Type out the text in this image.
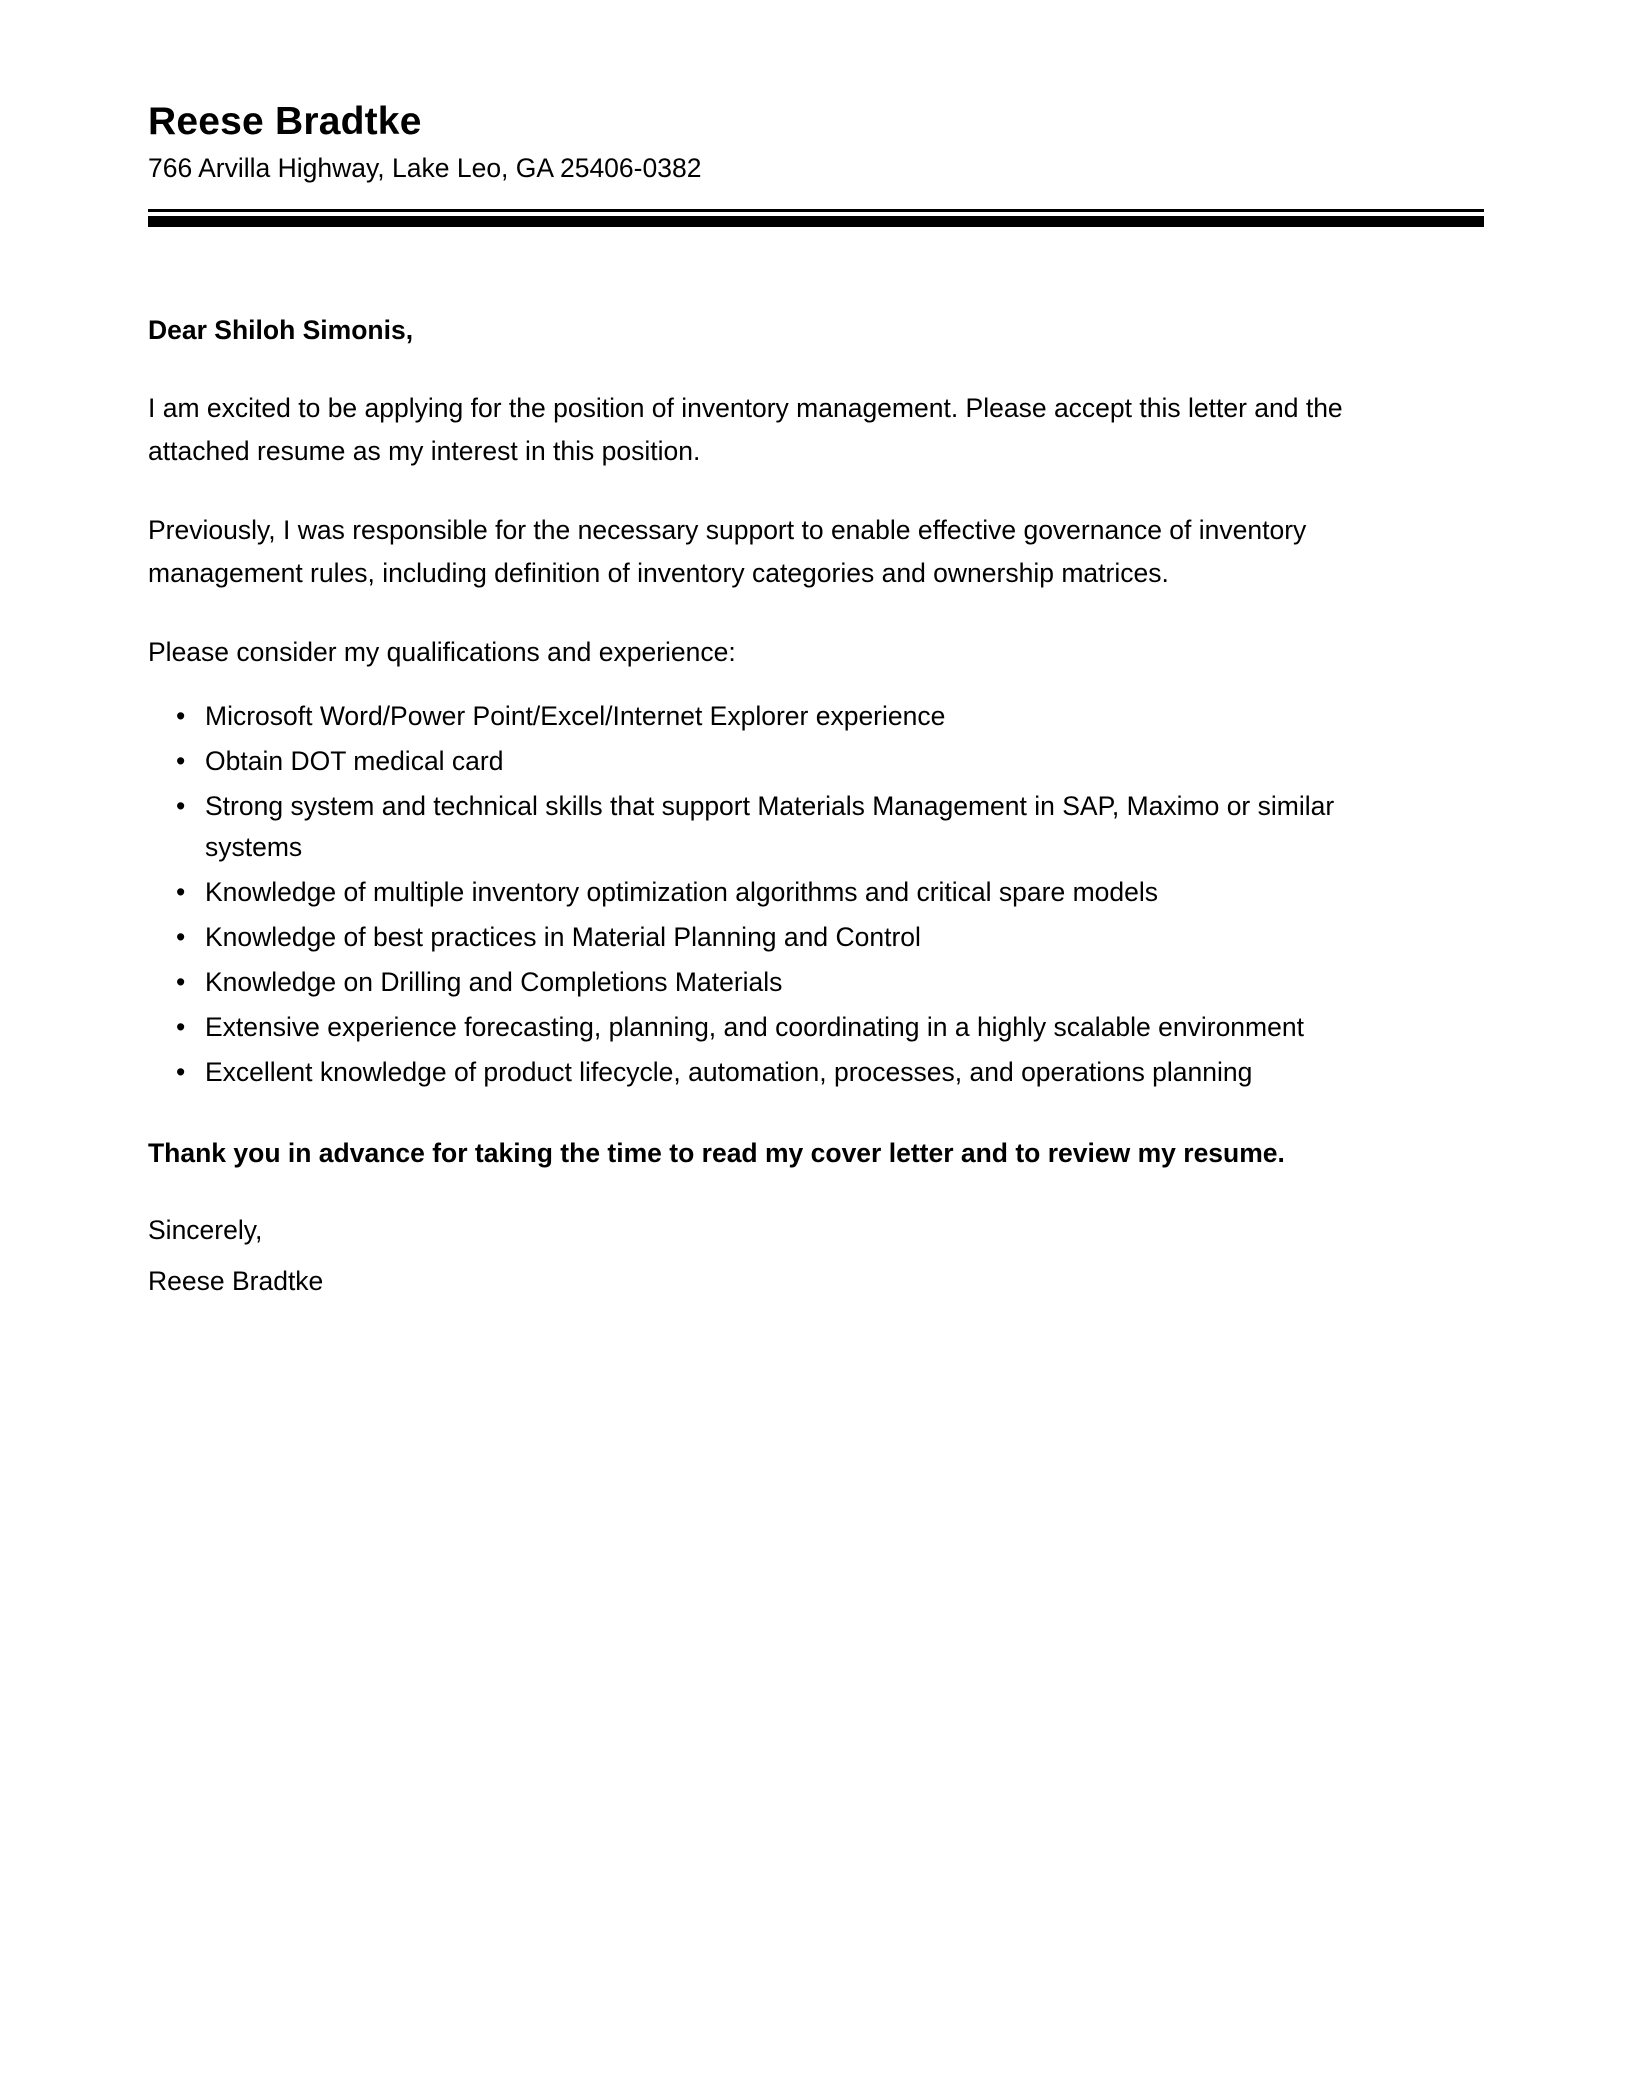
Reese Bradtke

766 Arvilla Highway, Lake Leo, GA 25406-0382

Dear Shiloh Simonis,

I am excited to be applying for the position of inventory management. Please accept this letter and the attached resume as my interest in this position.

Previously, I was responsible for the necessary support to enable effective governance of inventory management rules, including definition of inventory categories and ownership matrices.

Please consider my qualifications and experience:

• Microsoft Word/Power Point/Excel/Internet Explorer experience
• Obtain DOT medical card
• Strong system and technical skills that support Materials Management in SAP, Maximo or similar systems
• Knowledge of multiple inventory optimization algorithms and critical spare models
• Knowledge of best practices in Material Planning and Control
• Knowledge on Drilling and Completions Materials
• Extensive experience forecasting, planning, and coordinating in a highly scalable environment
• Excellent knowledge of product lifecycle, automation, processes, and operations planning

Thank you in advance for taking the time to read my cover letter and to review my resume.

Sincerely,
Reese Bradtke
